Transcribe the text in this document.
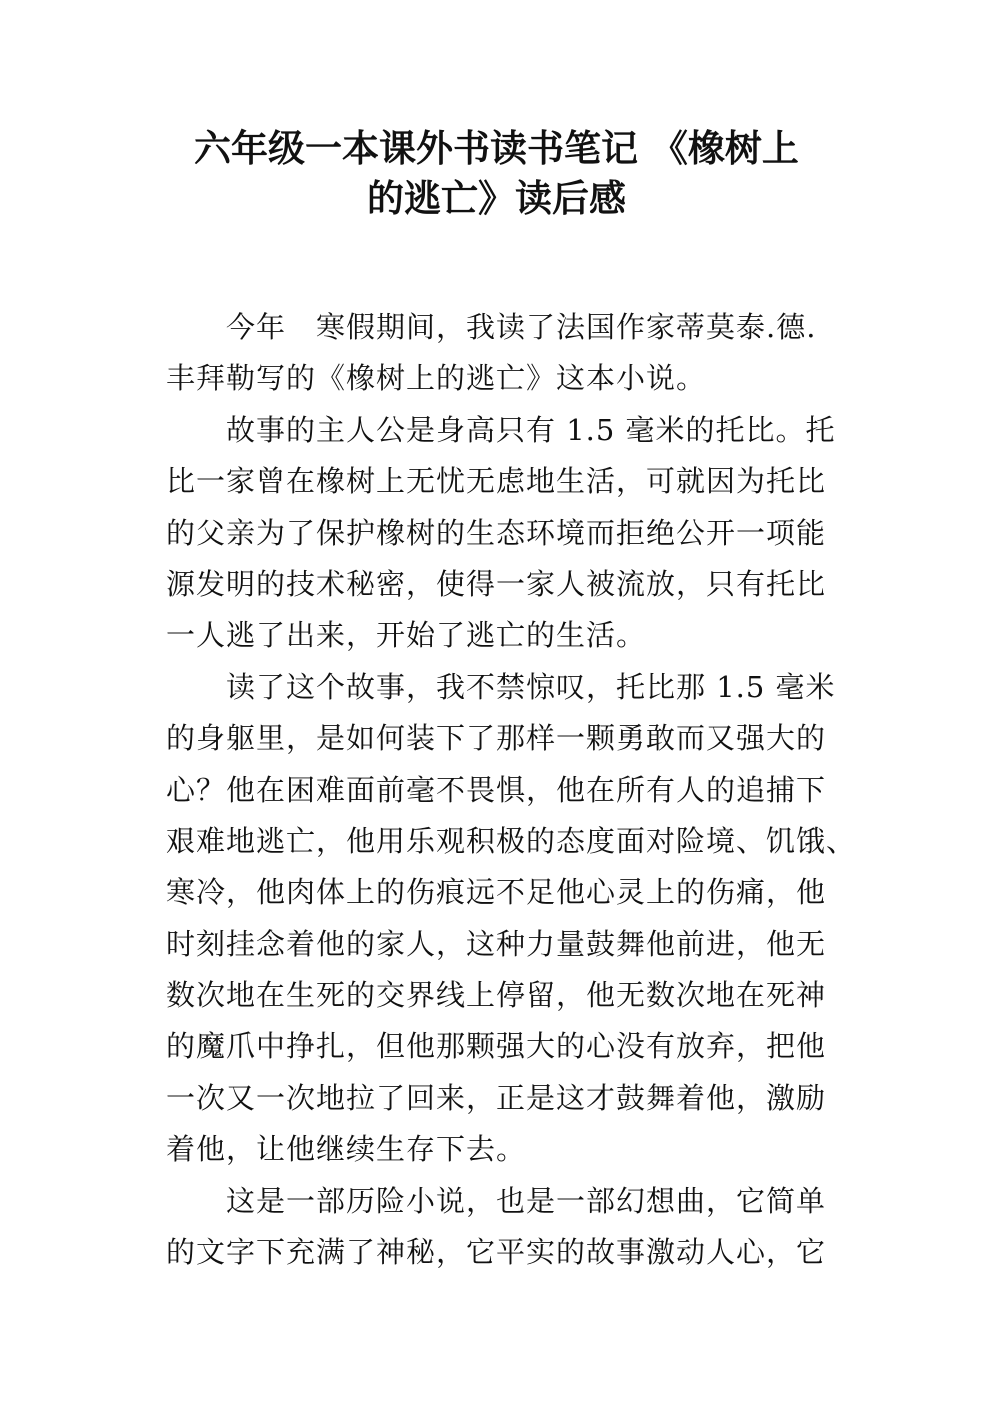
六年级一本课外书读书笔记 《橡树上
的逃亡》读后感
今年　寒假期间，我读了法国作家蒂莫泰.德.
丰拜勒写的《橡树上的逃亡》这本小说。
故事的主人公是身高只有 1.5 毫米的托比。托
比一家曾在橡树上无忧无虑地生活，可就因为托比
的父亲为了保护橡树的生态环境而拒绝公开一项能
源发明的技术秘密，使得一家人被流放，只有托比
一人逃了出来，开始了逃亡的生活。
读了这个故事，我不禁惊叹，托比那 1.5 毫米
的身躯里，是如何装下了那样一颗勇敢而又强大的
心？他在困难面前毫不畏惧，他在所有人的追捕下
艰难地逃亡，他用乐观积极的态度面对险境、饥饿、
寒冷，他肉体上的伤痕远不足他心灵上的伤痛，他
时刻挂念着他的家人，这种力量鼓舞他前进，他无
数次地在生死的交界线上停留，他无数次地在死神
的魔爪中挣扎，但他那颗强大的心没有放弃，把他
一次又一次地拉了回来，正是这才鼓舞着他，激励
着他，让他继续生存下去。
这是一部历险小说，也是一部幻想曲，它简单
的文字下充满了神秘，它平实的故事激动人心，它
